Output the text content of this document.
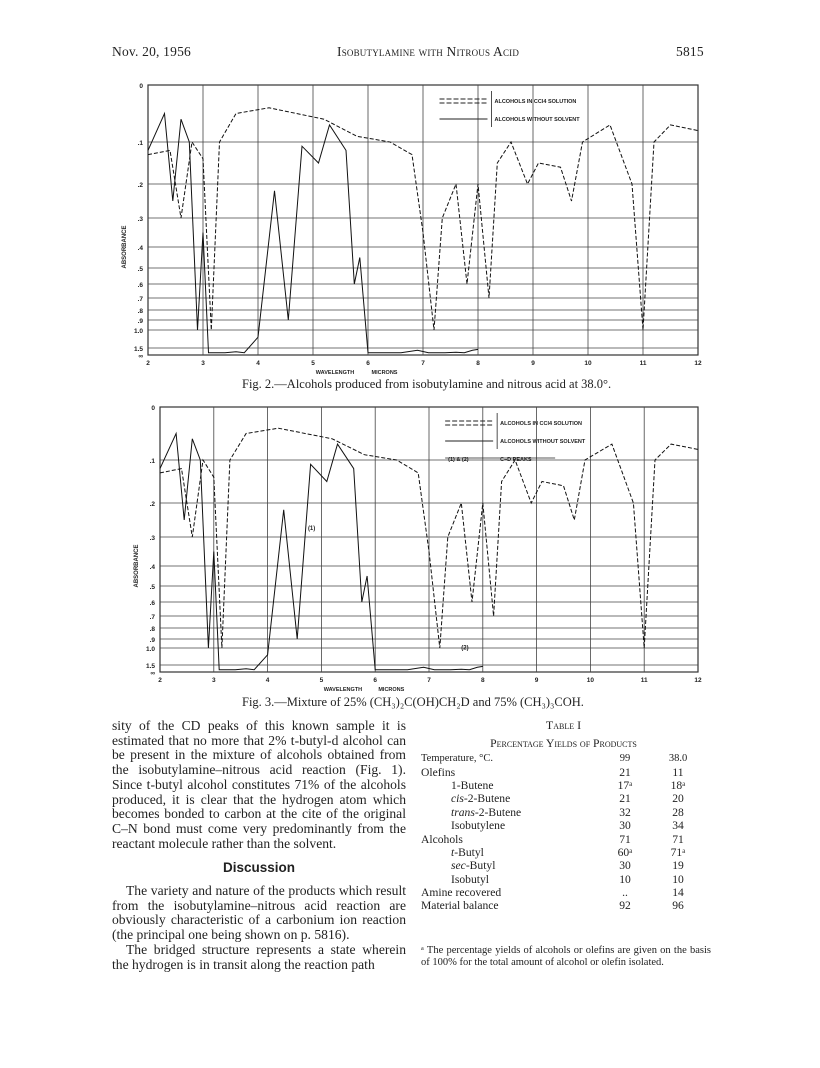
Nov. 20, 1956	Isobutylamine with Nitrous Acid	5815
0
.1
.2
.3
.4
.5
.6
.7
.8
.9
1.0
1.5
∞
2	3	4	5	6	7	8	9	10	11	12
ABSORBANCE
WAVELENGTH	MICRONS
ALCOHOLS IN CCl4 SOLUTION
ALCOHOLS WITHOUT SOLVENT
0
.1
.2
.3
.4
.5
.6
.7
.8
.9
1.0
1.5
∞
2	3	4	5	6	7	8	9	10	11	12
ABSORBANCE
WAVELENGTH	MICRONS
ALCOHOLS IN CCl4 SOLUTION
ALCOHOLS WITHOUT SOLVENT
(1) & (2)	C–D PEAKS
(1)
(2)
Fig. 2.—Alcohols produced from isobutylamine and nitrous acid at 38.0°.
Fig. 3.—Mixture of 25% (CH₃)₂C(OH)CH₂D and 75% (CH₃)₃COH.

sity of the CD peaks of this known sample it is estimated that no more that 2% t-butyl-d alcohol can be present in the mixture of alcohols obtained from the isobutylamine–nitrous acid reaction (Fig. 1). Since t-butyl alcohol constitutes 71% of the alcohols produced, it is clear that the hydrogen atom which becomes bonded to carbon at the cite of the original C–N bond must come very predominantly from the reactant molecule rather than the solvent.

Discussion

The variety and nature of the products which result from the isobutylamine–nitrous acid reaction are obviously characteristic of a carbonium ion reaction (the principal one being shown on p. 5816).

The bridged structure represents a state wherein the hydrogen is in transit along the reaction path

Table I
Percentage Yields of Products
Temperature, °C.	99	38.0
Olefins	21	11
1-Butene	17ᵃ	18ᵃ
cis-2-Butene	21	20
trans-2-Butene	32	28
Isobutylene	30	34
Alcohols	71	71
t-Butyl	60ᵃ	71ᵃ
sec-Butyl	30	19
Isobutyl	10	10
Amine recovered	..	14
Material balance	92	96
ᵃ The percentage yields of alcohols or olefins are given on the basis of 100% for the total amount of alcohol or olefin isolated.
